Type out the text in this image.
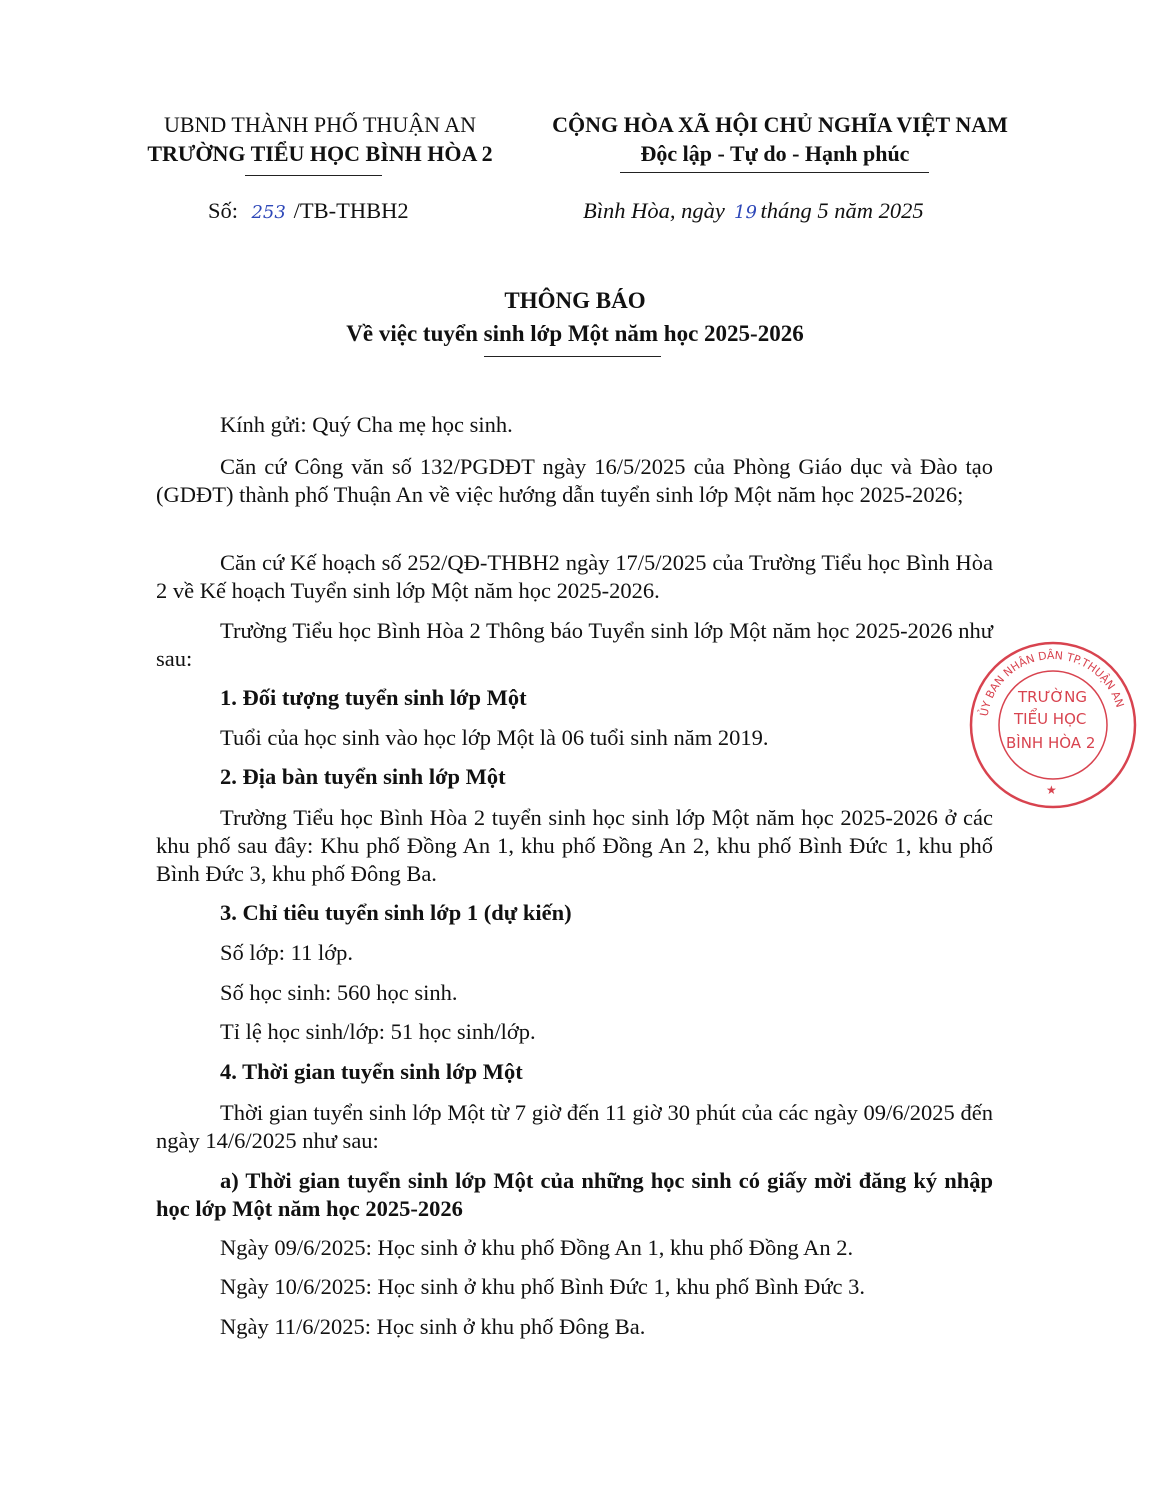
UBND THÀNH PHỐ THUẬN AN
TRƯỜNG TIỂU HỌC BÌNH HÒA 2
CỘNG HÒA XÃ HỘI CHỦ NGHĨA VIỆT NAM
Độc lập - Tự do - Hạnh phúc
Số: 253 /TB-THBH2	Bình Hòa, ngày 19 tháng 5 năm 2025
THÔNG BÁO
Về việc tuyển sinh lớp Một năm học 2025-2026
Kính gửi: Quý Cha mẹ học sinh.
Căn cứ Công văn số 132/PGDĐT ngày 16/5/2025 của Phòng Giáo dục và Đào tạo (GDĐT) thành phố Thuận An về việc hướng dẫn tuyển sinh lớp Một năm học 2025-2026;
Căn cứ Kế hoạch số 252/QĐ-THBH2 ngày 17/5/2025 của Trường Tiểu học Bình Hòa 2 về Kế hoạch Tuyển sinh lớp Một năm học 2025-2026.
Trường Tiểu học Bình Hòa 2 Thông báo Tuyển sinh lớp Một năm học 2025-2026 như sau:
1. Đối tượng tuyển sinh lớp Một
Tuổi của học sinh vào học lớp Một là 06 tuổi sinh năm 2019.
2. Địa bàn tuyển sinh lớp Một
Trường Tiểu học Bình Hòa 2 tuyển sinh học sinh lớp Một năm học 2025-2026 ở các khu phố sau đây: Khu phố Đồng An 1, khu phố Đồng An 2, khu phố Bình Đức 1, khu phố Bình Đức 3, khu phố Đông Ba.
3. Chỉ tiêu tuyển sinh lớp 1 (dự kiến)
Số lớp: 11 lớp.
Số học sinh: 560 học sinh.
Tỉ lệ học sinh/lớp: 51 học sinh/lớp.
4. Thời gian tuyển sinh lớp Một
Thời gian tuyển sinh lớp Một từ 7 giờ đến 11 giờ 30 phút của các ngày 09/6/2025 đến ngày 14/6/2025 như sau:
a) Thời gian tuyển sinh lớp Một của những học sinh có giấy mời đăng ký nhập học lớp Một năm học 2025-2026
Ngày 09/6/2025: Học sinh ở khu phố Đồng An 1, khu phố Đồng An 2.
Ngày 10/6/2025: Học sinh ở khu phố Bình Đức 1, khu phố Bình Đức 3.
Ngày 11/6/2025: Học sinh ở khu phố Đông Ba.
ỦY BAN NHÂN DÂN TP.THUẬN AN
TRƯỜNG
TIỂU HỌC
BÌNH HÒA 2
★
